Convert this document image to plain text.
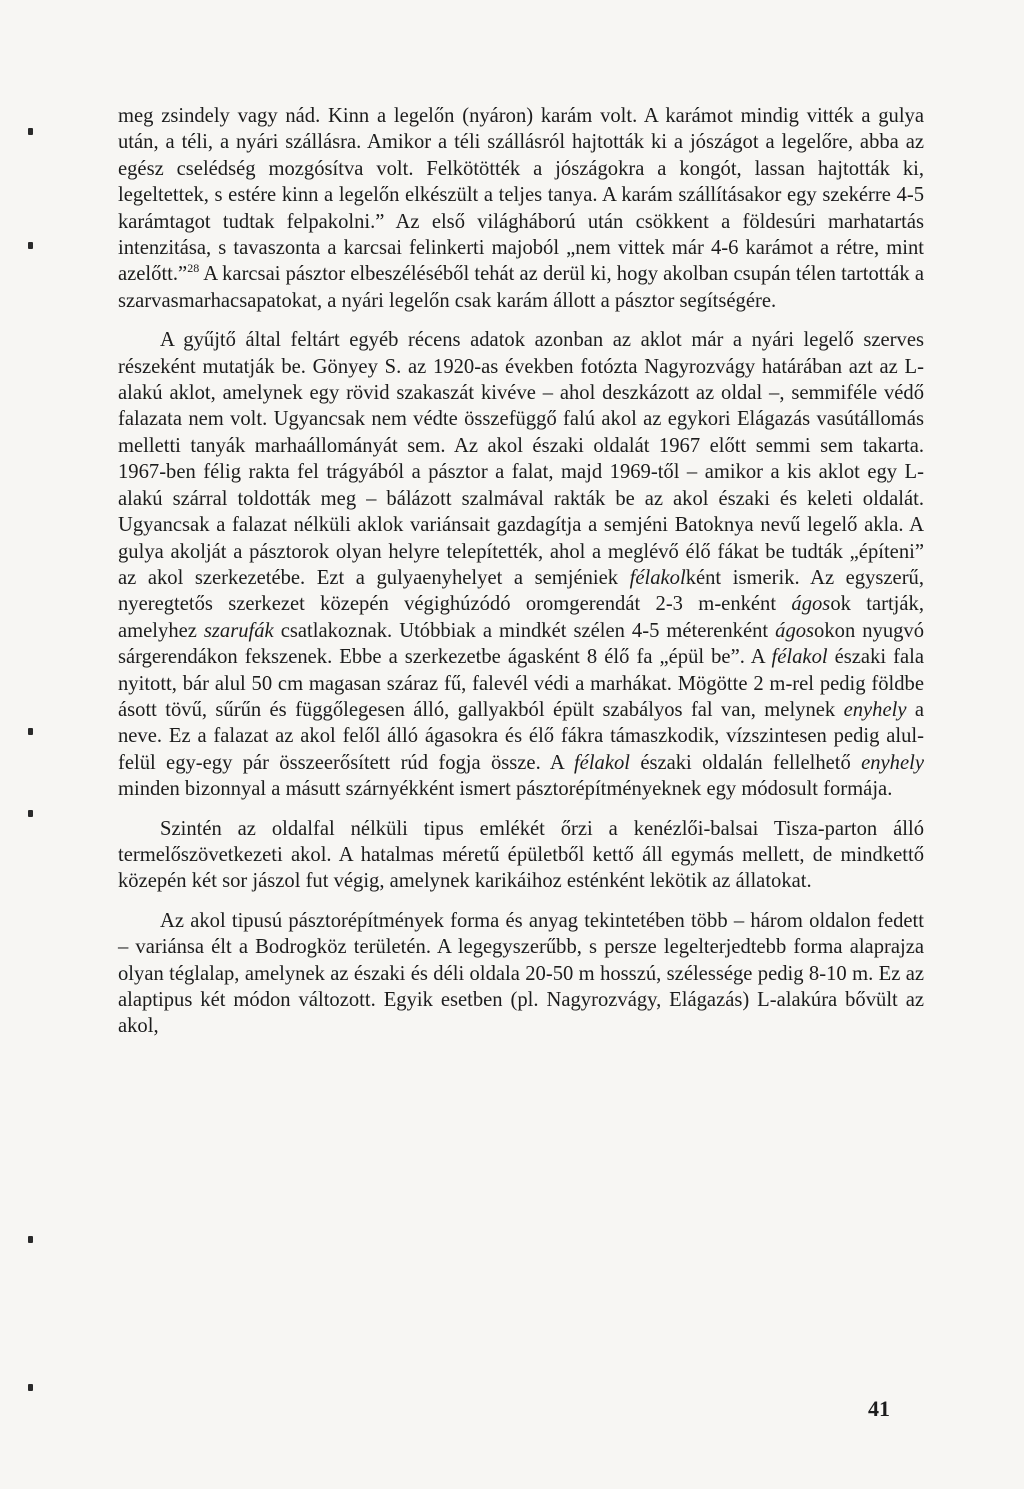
meg zsindely vagy nád. Kinn a legelőn (nyáron) karám volt. A karámot mindig vitték a gulya után, a téli, a nyári szállásra. Amikor a téli szállásról hajtották ki a jószágot a legelőre, abba az egész cselédség mozgósítva volt. Felkötötték a jószágokra a kongót, lassan hajtották ki, legeltettek, s estére kinn a legelőn elkészült a teljes tanya. A karám szállításakor egy szekérre 4-5 karámtagot tudtak felpakolni.” Az első világháború után csökkent a földesúri marhatartás intenzitása, s tavaszonta a karcsai felinkerti majoból „nem vittek már 4-6 karámot a rétre, mint azelőtt.”$^{28}$ A karcsai pásztor elbeszéléséből tehát az derül ki, hogy akolban csupán télen tartották a szarvasmarhacsapatokat, a nyári legelőn csak karám állott a pásztor segítségére.

A gyűjtő által feltárt egyéb récens adatok azonban az aklot már a nyári legelő szerves részeként mutatják be. Gönyey S. az 1920-as években fotózta Nagyrozvágy határában azt az L-alakú aklot, amelynek egy rövid szakaszát kivéve – ahol deszkázott az oldal –, semmiféle védő falazata nem volt. Ugyancsak nem védte összefüggő falú akol az egykori Elágazás vasútállomás melletti tanyák marhaállományát sem. Az akol északi oldalát 1967 előtt semmi sem takarta. 1967-ben félig rakta fel trágyából a pásztor a falat, majd 1969-től – amikor a kis aklot egy L-alakú szárral toldották meg – bálázott szalmával rakták be az akol északi és keleti oldalát. Ugyancsak a falazat nélküli aklok variánsait gazdagítja a semjéni Batoknya nevű legelő akla. A gulya akolját a pásztorok olyan helyre telepítették, ahol a meglévő élő fákat be tudták „építeni” az akol szerkezetébe. Ezt a gulyaenyhelyet a semjéniek félakolként ismerik. Az egyszerű, nyeregtetős szerkezet közepén végighúzódó oromgerendát 2-3 m-enként ágosok tartják, amelyhez szarufák csatlakoznak. Utóbbiak a mindkét szélen 4-5 méterenként ágosokon nyugvó sárgerendákon fekszenek. Ebbe a szerkezetbe ágasként 8 élő fa „épül be”. A félakol északi fala nyitott, bár alul 50 cm magasan száraz fű, falevél védi a marhákat. Mögötte 2 m-rel pedig földbe ásott tövű, sűrűn és függőlegesen álló, gallyakból épült szabályos fal van, melynek enyhely a neve. Ez a falazat az akol felől álló ágasokra és élő fákra támaszkodik, vízszintesen pedig alul-felül egy-egy pár összeerősített rúd fogja össze. A félakol északi oldalán fellelhető enyhely minden bizonnyal a másutt szárnyékként ismert pásztorépítményeknek egy módosult formája.

Szintén az oldalfal nélküli tipus emlékét őrzi a kenézlői-balsai Tisza-parton álló termelőszövetkezeti akol. A hatalmas méretű épületből kettő áll egymás mellett, de mindkettő közepén két sor jászol fut végig, amelynek karikáihoz esténként lekötik az állatokat.

Az akol tipusú pásztorépítmények forma és anyag tekintetében több – három oldalon fedett – variánsa élt a Bodrogköz területén. A legegyszerűbb, s persze legelterjedtebb forma alaprajza olyan téglalap, amelynek az északi és déli oldala 20-50 m hosszú, szélessége pedig 8-10 m. Ez az alaptipus két módon változott. Egyik esetben (pl. Nagyrozvágy, Elágazás) L-alakúra bővült az akol,

41
